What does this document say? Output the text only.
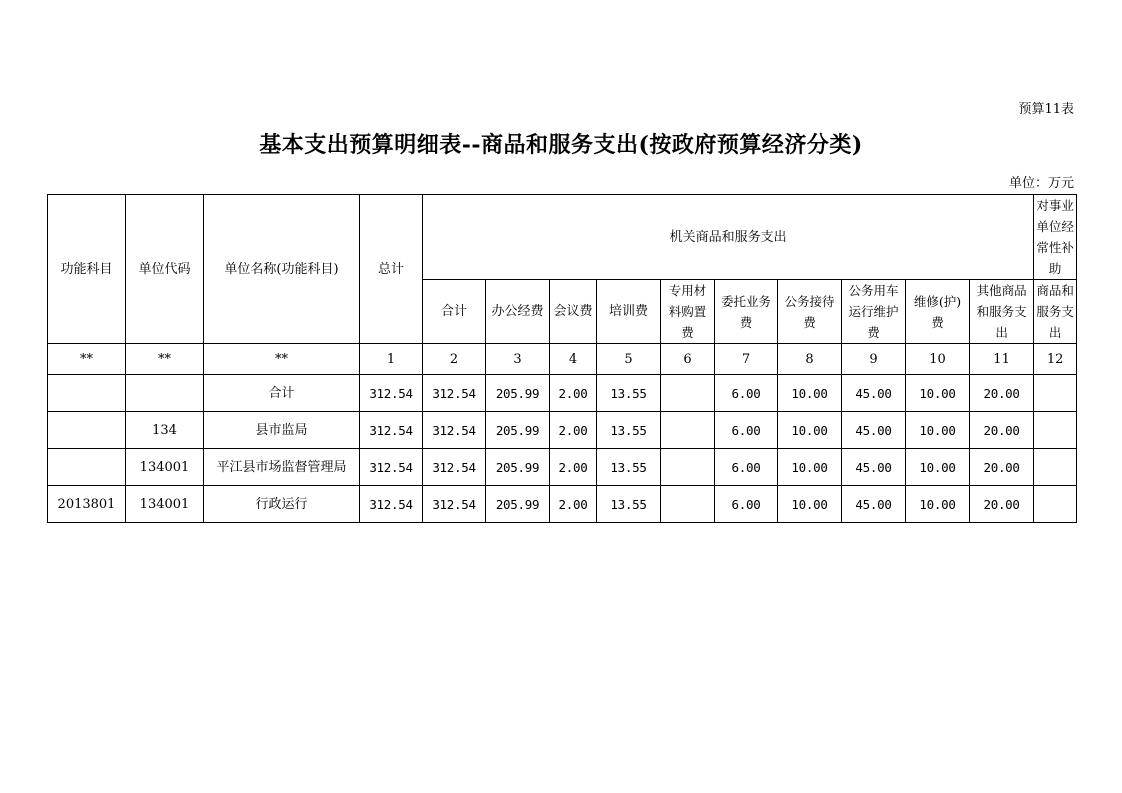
预算11表
基本支出预算明细表--商品和服务支出(按政府预算经济分类)
单位：万元
功能科目	单位代码	单位名称(功能科目)	总计	机关商品和服务支出										对事业单位经常性补助
				合计	办公经费	会议费	培训费	专用材料购置费	委托业务费	公务接待费	公务用车运行维护费	维修(护)费	其他商品和服务支出	商品和服务支出
**	**	**	1	2	3	4	5	6	7	8	9	10	11	12
		合计	312.54	312.54	205.99	2.00	13.55		6.00	10.00	45.00	10.00	20.00	
	134	县市监局	312.54	312.54	205.99	2.00	13.55		6.00	10.00	45.00	10.00	20.00	
	134001	平江县市场监督管理局	312.54	312.54	205.99	2.00	13.55		6.00	10.00	45.00	10.00	20.00	
2013801	134001	行政运行	312.54	312.54	205.99	2.00	13.55		6.00	10.00	45.00	10.00	20.00	
